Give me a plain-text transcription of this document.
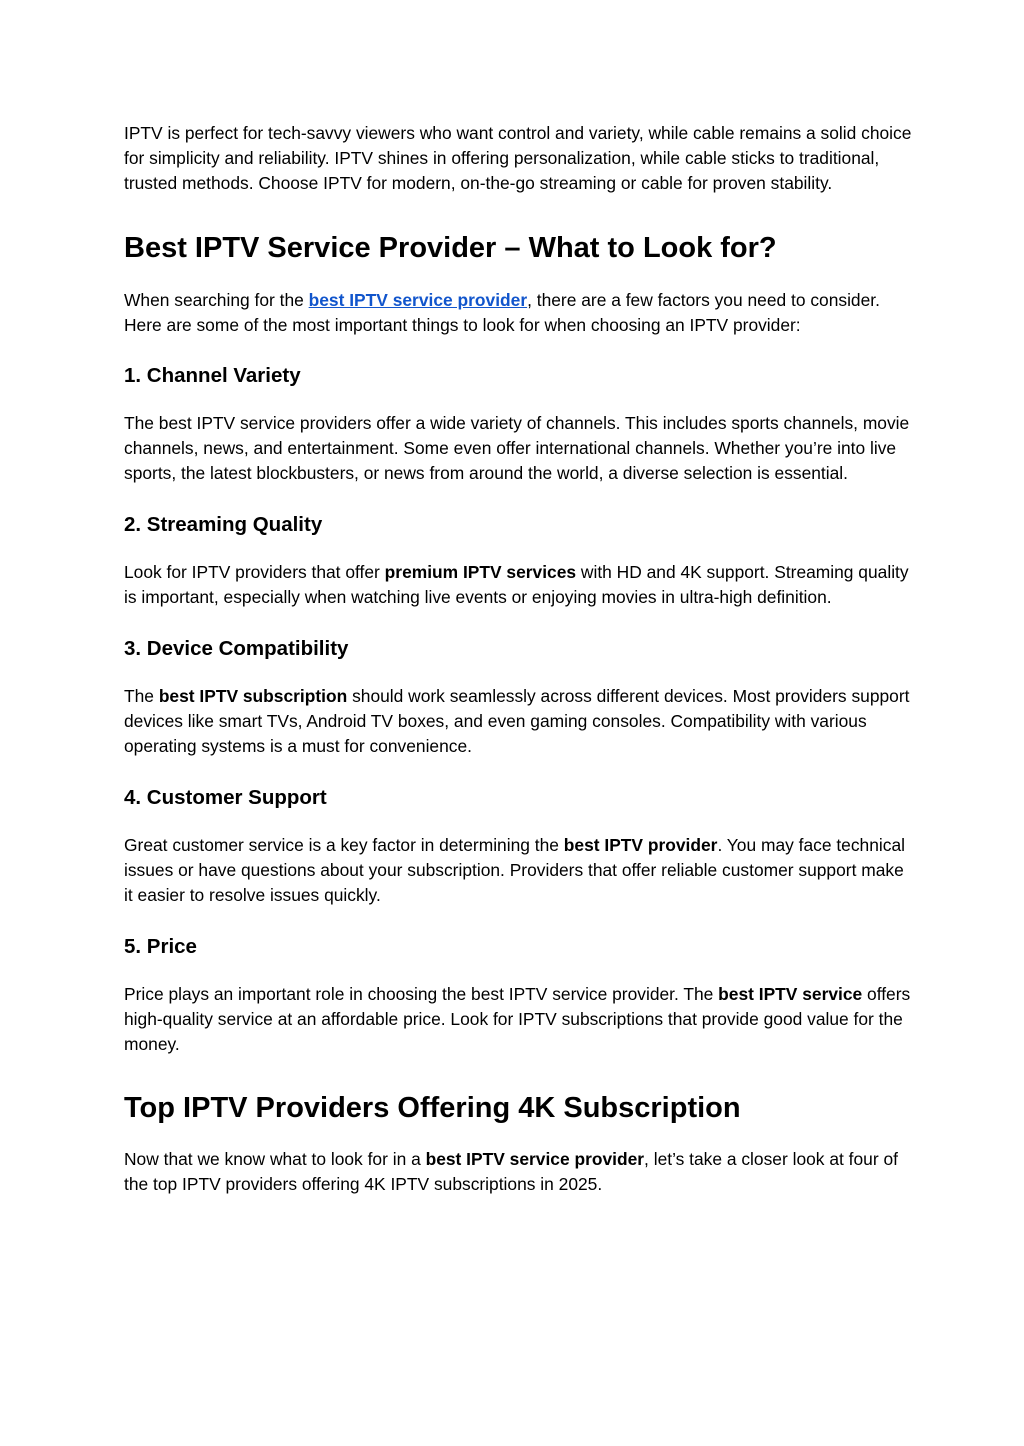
IPTV is perfect for tech-savvy viewers who want control and variety, while cable remains a solid choice for simplicity and reliability. IPTV shines in offering personalization, while cable sticks to traditional, trusted methods. Choose IPTV for modern, on-the-go streaming or cable for proven stability.

Best IPTV Service Provider – What to Look for?

When searching for the best IPTV service provider, there are a few factors you need to consider. Here are some of the most important things to look for when choosing an IPTV provider:

1. Channel Variety

The best IPTV service providers offer a wide variety of channels. This includes sports channels, movie channels, news, and entertainment. Some even offer international channels. Whether you’re into live sports, the latest blockbusters, or news from around the world, a diverse selection is essential.

2. Streaming Quality

Look for IPTV providers that offer premium IPTV services with HD and 4K support. Streaming quality is important, especially when watching live events or enjoying movies in ultra-high definition.

3. Device Compatibility

The best IPTV subscription should work seamlessly across different devices. Most providers support devices like smart TVs, Android TV boxes, and even gaming consoles. Compatibility with various operating systems is a must for convenience.

4. Customer Support

Great customer service is a key factor in determining the best IPTV provider. You may face technical issues or have questions about your subscription. Providers that offer reliable customer support make it easier to resolve issues quickly.

5. Price

Price plays an important role in choosing the best IPTV service provider. The best IPTV service offers high-quality service at an affordable price. Look for IPTV subscriptions that provide good value for the money.

Top IPTV Providers Offering 4K Subscription

Now that we know what to look for in a best IPTV service provider, let’s take a closer look at four of the top IPTV providers offering 4K IPTV subscriptions in 2025.
